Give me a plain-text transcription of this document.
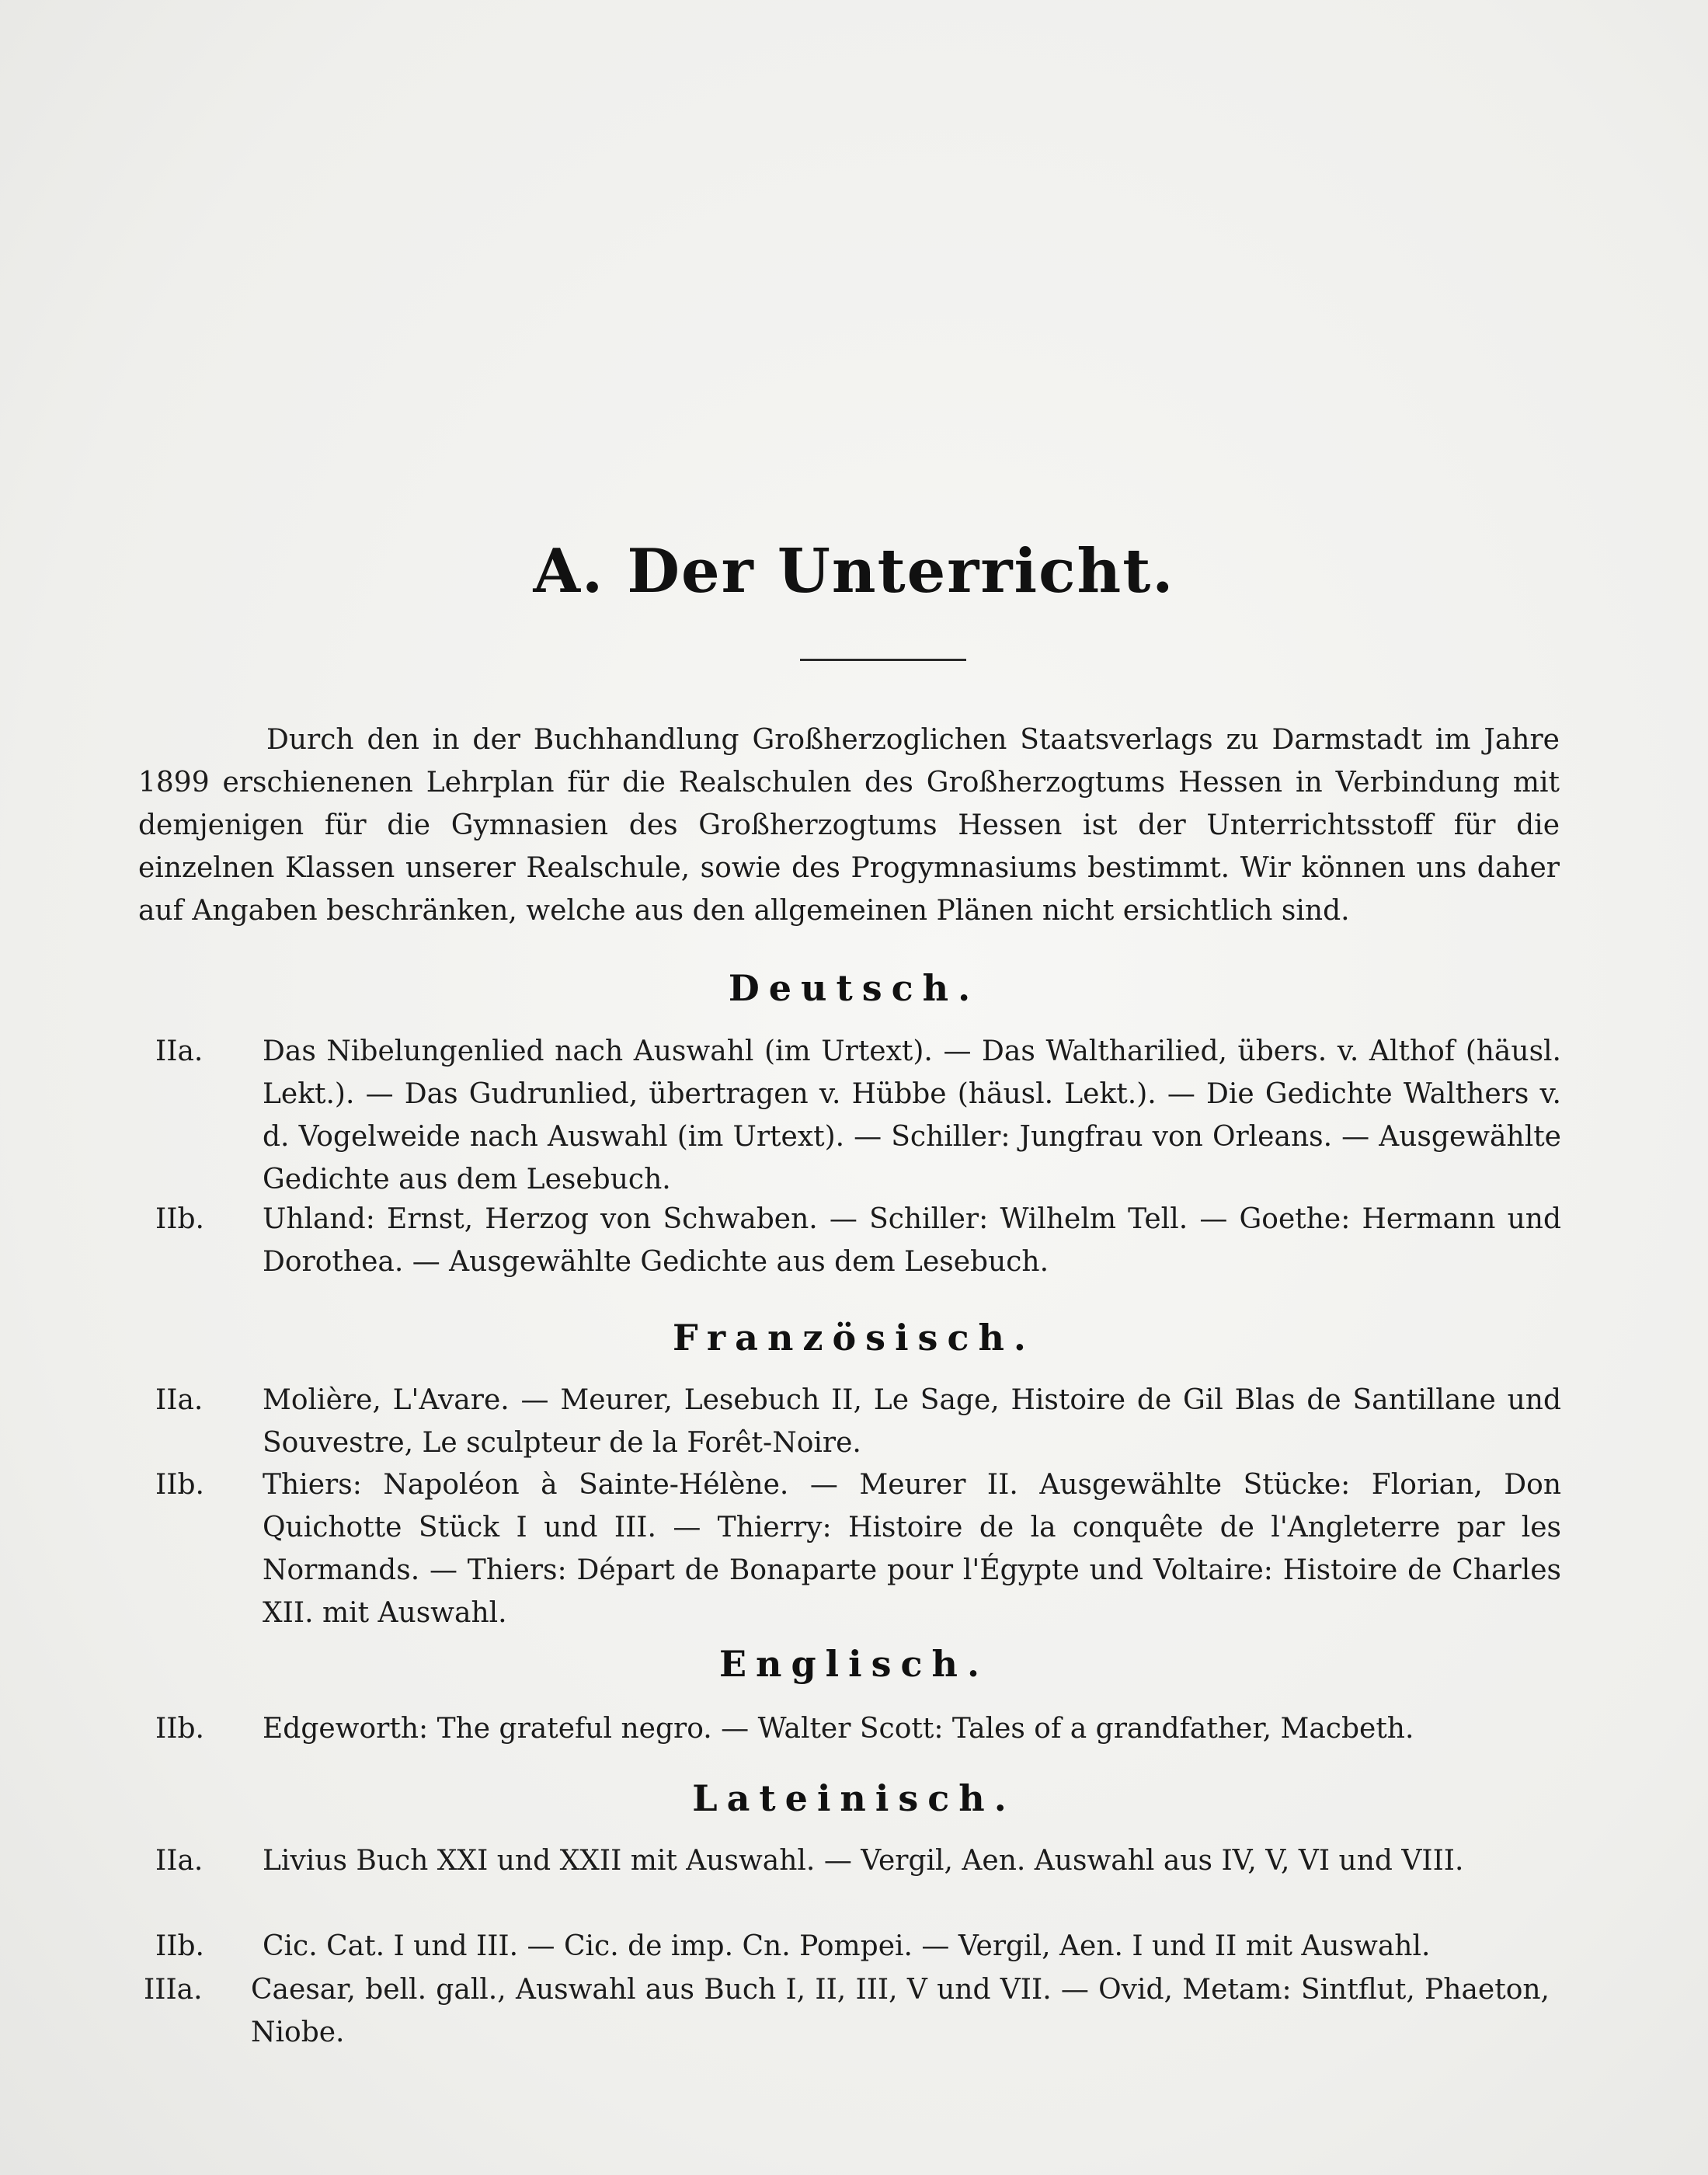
A. Der Unterricht.
Durch den in der Buchhandlung Großherzoglichen Staatsverlags zu Darmstadt im Jahre 1899 erschienenen Lehrplan für die Realschulen des Großherzogtums Hessen in Verbindung mit demjenigen für die Gymnasien des Großherzogtums Hessen ist der Unterrichtsstoff für die einzelnen Klassen unserer Realschule, sowie des Progymnasiums bestimmt. Wir können uns daher auf Angaben beschränken, welche aus den allgemeinen Plänen nicht ersichtlich sind.
Deutsch.
IIa.	Das Nibelungenlied nach Auswahl (im Urtext). — Das Waltharilied, übers. v. Althof (häusl. Lekt.). — Das Gudrunlied, übertragen v. Hübbe (häusl. Lekt.). — Die Gedichte Walthers v. d. Vogelweide nach Auswahl (im Urtext). — Schiller: Jungfrau von Orleans. — Ausgewählte Gedichte aus dem Lesebuch.
IIb.	Uhland: Ernst, Herzog von Schwaben. — Schiller: Wilhelm Tell. — Goethe: Hermann und Dorothea. — Ausgewählte Gedichte aus dem Lesebuch.
Französisch.
IIa.	Molière, L'Avare. — Meurer, Lesebuch II, Le Sage, Histoire de Gil Blas de Santillane und Souvestre, Le sculpteur de la Forêt-Noire.
IIb.	Thiers: Napoléon à Sainte-Hélène. — Meurer II. Ausgewählte Stücke: Florian, Don Quichotte Stück I und III. — Thierry: Histoire de la conquête de l'Angleterre par les Normands. — Thiers: Départ de Bonaparte pour l'Égypte und Voltaire: Histoire de Charles XII. mit Auswahl.
Englisch.
IIb.	Edgeworth: The grateful negro. — Walter Scott: Tales of a grandfather, Macbeth.
Lateinisch.
IIa.	Livius Buch XXI und XXII mit Auswahl. — Vergil, Aen. Auswahl aus IV, V, VI und VIII.
IIb.	Cic. Cat. I und III. — Cic. de imp. Cn. Pompei. — Vergil, Aen. I und II mit Auswahl.
IIIa.	Caesar, bell. gall., Auswahl aus Buch I, II, III, V und VII. — Ovid, Metam: Sintflut, Phaeton, Niobe.
